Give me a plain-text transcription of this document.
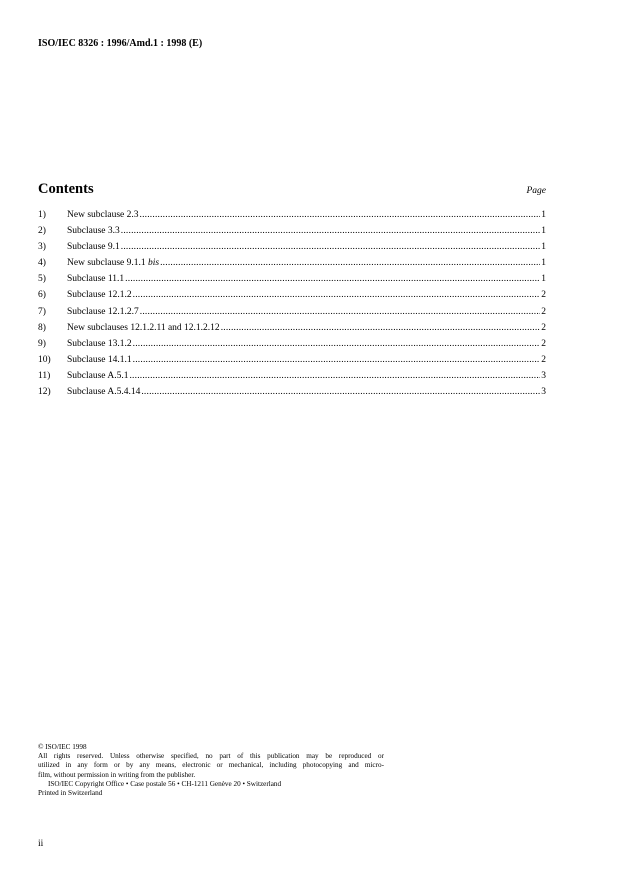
ISO/IEC 8326 : 1996/Amd.1 : 1998 (E)
Contents	Page
1)	New subclause 2.3 .....	1
2)	Subclause 3.3 .....	1
3)	Subclause 9.1 .....	1
4)	New subclause 9.1.1 bis .....	1
5)	Subclause 11.1 .....	1
6)	Subclause 12.1.2 .....	2
7)	Subclause 12.1.2.7 .....	2
8)	New subclauses 12.1.2.11 and 12.1.2.12 .....	2
9)	Subclause 13.1.2 .....	2
10)	Subclause 14.1.1 .....	2
11)	Subclause A.5.1 .....	3
12)	Subclause A.5.4.14 .....	3
© ISO/IEC 1998
All rights reserved. Unless otherwise specified, no part of this publication may be reproduced or
utilized in any form or by any means, electronic or mechanical, including photocopying and micro-
film, without permission in writing from the publisher.
ISO/IEC Copyright Office • Case postale 56 • CH-1211 Genève 20 • Switzerland
Printed in Switzerland
ii
